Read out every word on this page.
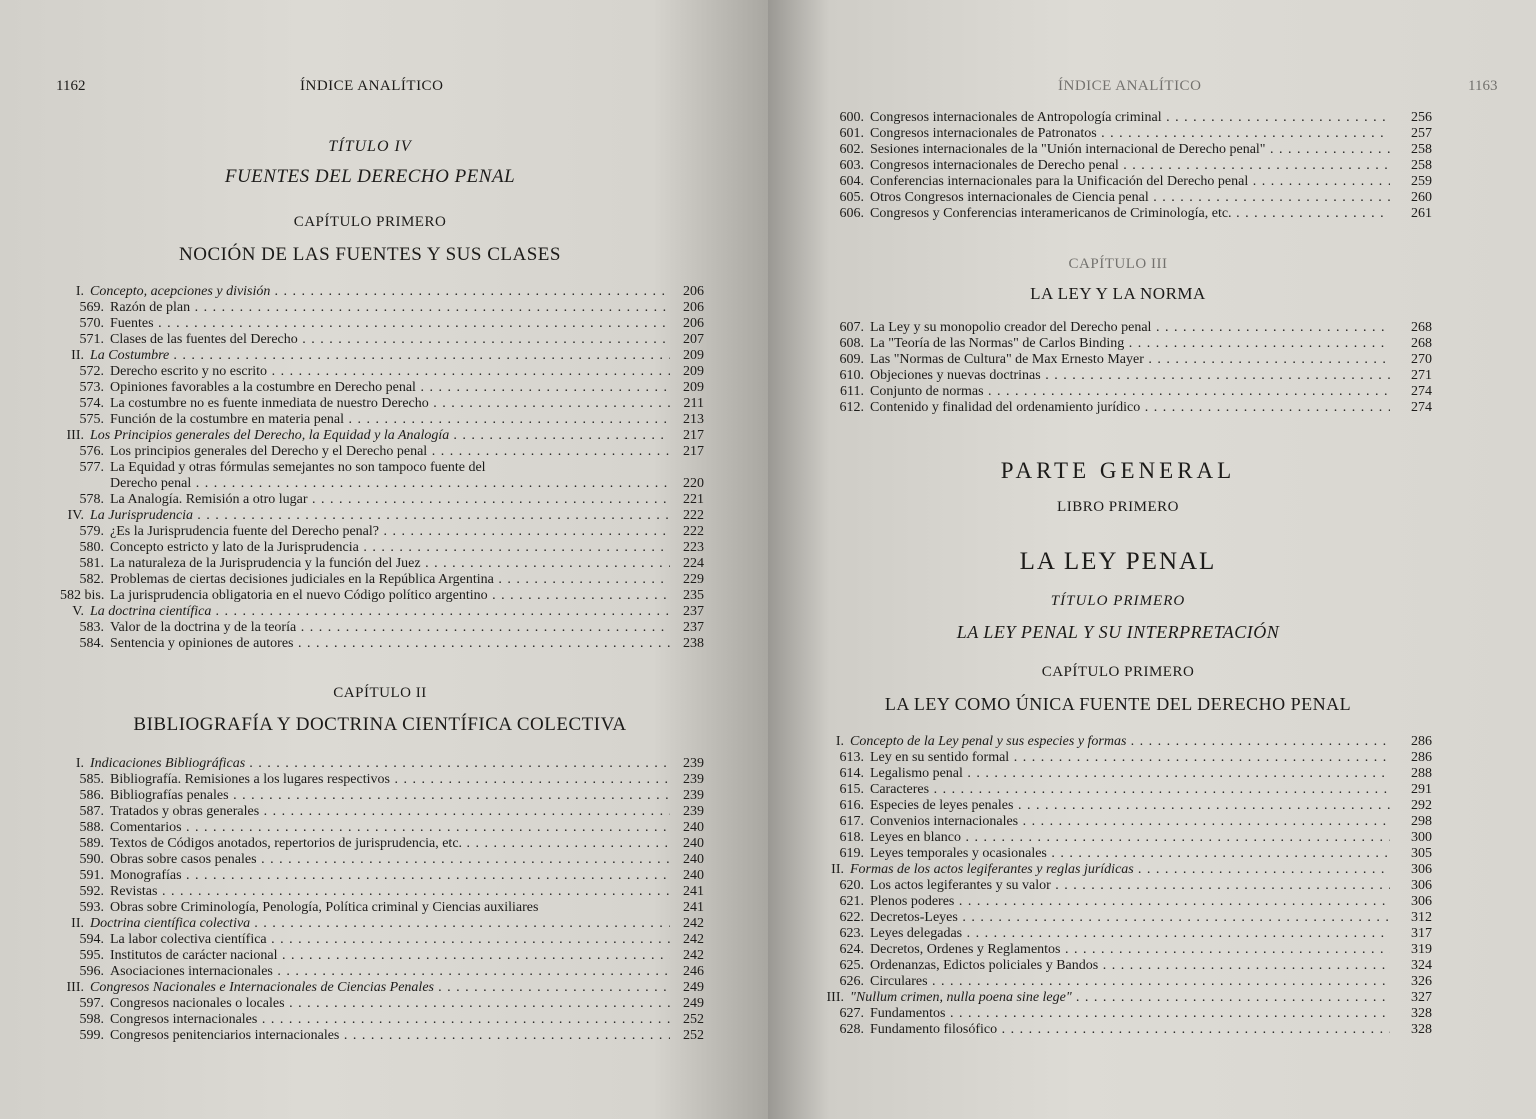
1162	ÍNDICE ANALÍTICO
TÍTULO IV
FUENTES DEL DERECHO PENAL
CAPÍTULO PRIMERO
NOCIÓN DE LAS FUENTES Y SUS CLASES
I. Concepto, acepciones y división . . .	206
569. Razón de plan . . .	206
570. Fuentes . . .	206
571. Clases de las fuentes del Derecho . . .	207
II. La Costumbre . . .	209
572. Derecho escrito y no escrito . . .	209
573. Opiniones favorables a la costumbre en Derecho penal . . .	209
574. La costumbre no es fuente inmediata de nuestro Derecho . . .	211
575. Función de la costumbre en materia penal . . .	213
III. Los Principios generales del Derecho, la Equidad y la Analogía . . .	217
576. Los principios generales del Derecho y el Derecho penal . . .	217
577. La Equidad y otras fórmulas semejantes no son tampoco fuente del
Derecho penal . . .	220
578. La Analogía. Remisión a otro lugar . . .	221
IV. La Jurisprudencia . . .	222
579. ¿Es la Jurisprudencia fuente del Derecho penal? . . .	222
580. Concepto estricto y lato de la Jurisprudencia . . .	223
581. La naturaleza de la Jurisprudencia y la función del Juez . . .	224
582. Problemas de ciertas decisiones judiciales en la República Argentina . . .	229
582 bis. La jurisprudencia obligatoria en el nuevo Código político argentino . . .	235
V. La doctrina científica . . .	237
583. Valor de la doctrina y de la teoría . . .	237
584. Sentencia y opiniones de autores . . .	238
CAPÍTULO II
BIBLIOGRAFÍA Y DOCTRINA CIENTÍFICA COLECTIVA
I. Indicaciones Bibliográficas . . .	239
585. Bibliografía. Remisiones a los lugares respectivos . . .	239
586. Bibliografías penales . . .	239
587. Tratados y obras generales . . .	239
588. Comentarios . . .	240
589. Textos de Códigos anotados, repertorios de jurisprudencia, etc. . . .	240
590. Obras sobre casos penales . . .	240
591. Monografías . . .	240
592. Revistas . . .	241
593. Obras sobre Criminología, Penología, Política criminal y Ciencias auxiliares	241
II. Doctrina científica colectiva . . .	242
594. La labor colectiva científica . . .	242
595. Institutos de carácter nacional . . .	242
596. Asociaciones internacionales . . .	246
III. Congresos Nacionales e Internacionales de Ciencias Penales . . .	249
597. Congresos nacionales o locales . . .	249
598. Congresos internacionales . . .	252
599. Congresos penitenciarios internacionales . . .	252
ÍNDICE ANALÍTICO	1163
600. Congresos internacionales de Antropología criminal . . .	256
601. Congresos internacionales de Patronatos . . .	257
602. Sesiones internacionales de la "Unión internacional de Derecho penal" . . .	258
603. Congresos internacionales de Derecho penal . . .	258
604. Conferencias internacionales para la Unificación del Derecho penal . . .	259
605. Otros Congresos internacionales de Ciencia penal . . .	260
606. Congresos y Conferencias interamericanos de Criminología, etc. . . .	261
CAPÍTULO III
LA LEY Y LA NORMA
607. La Ley y su monopolio creador del Derecho penal . . .	268
608. La "Teoría de las Normas" de Carlos Binding . . .	268
609. Las "Normas de Cultura" de Max Ernesto Mayer . . .	270
610. Objeciones y nuevas doctrinas . . .	271
611. Conjunto de normas . . .	274
612. Contenido y finalidad del ordenamiento jurídico . . .	274
PARTE GENERAL
LIBRO PRIMERO
LA LEY PENAL
TÍTULO PRIMERO
LA LEY PENAL Y SU INTERPRETACIÓN
CAPÍTULO PRIMERO
LA LEY COMO ÚNICA FUENTE DEL DERECHO PENAL
I. Concepto de la Ley penal y sus especies y formas . . .	286
613. Ley en su sentido formal . . .	286
614. Legalismo penal . . .	288
615. Caracteres . . .	291
616. Especies de leyes penales . . .	292
617. Convenios internacionales . . .	298
618. Leyes en blanco . . .	300
619. Leyes temporales y ocasionales . . .	305
II. Formas de los actos legiferantes y reglas jurídicas . . .	306
620. Los actos legiferantes y su valor . . .	306
621. Plenos poderes . . .	306
622. Decretos-Leyes . . .	312
623. Leyes delegadas . . .	317
624. Decretos, Ordenes y Reglamentos . . .	319
625. Ordenanzas, Edictos policiales y Bandos . . .	324
626. Circulares . . .	326
III. "Nullum crimen, nulla poena sine lege" . . .	327
627. Fundamentos . . .	328
628. Fundamento filosófico . . .	328
